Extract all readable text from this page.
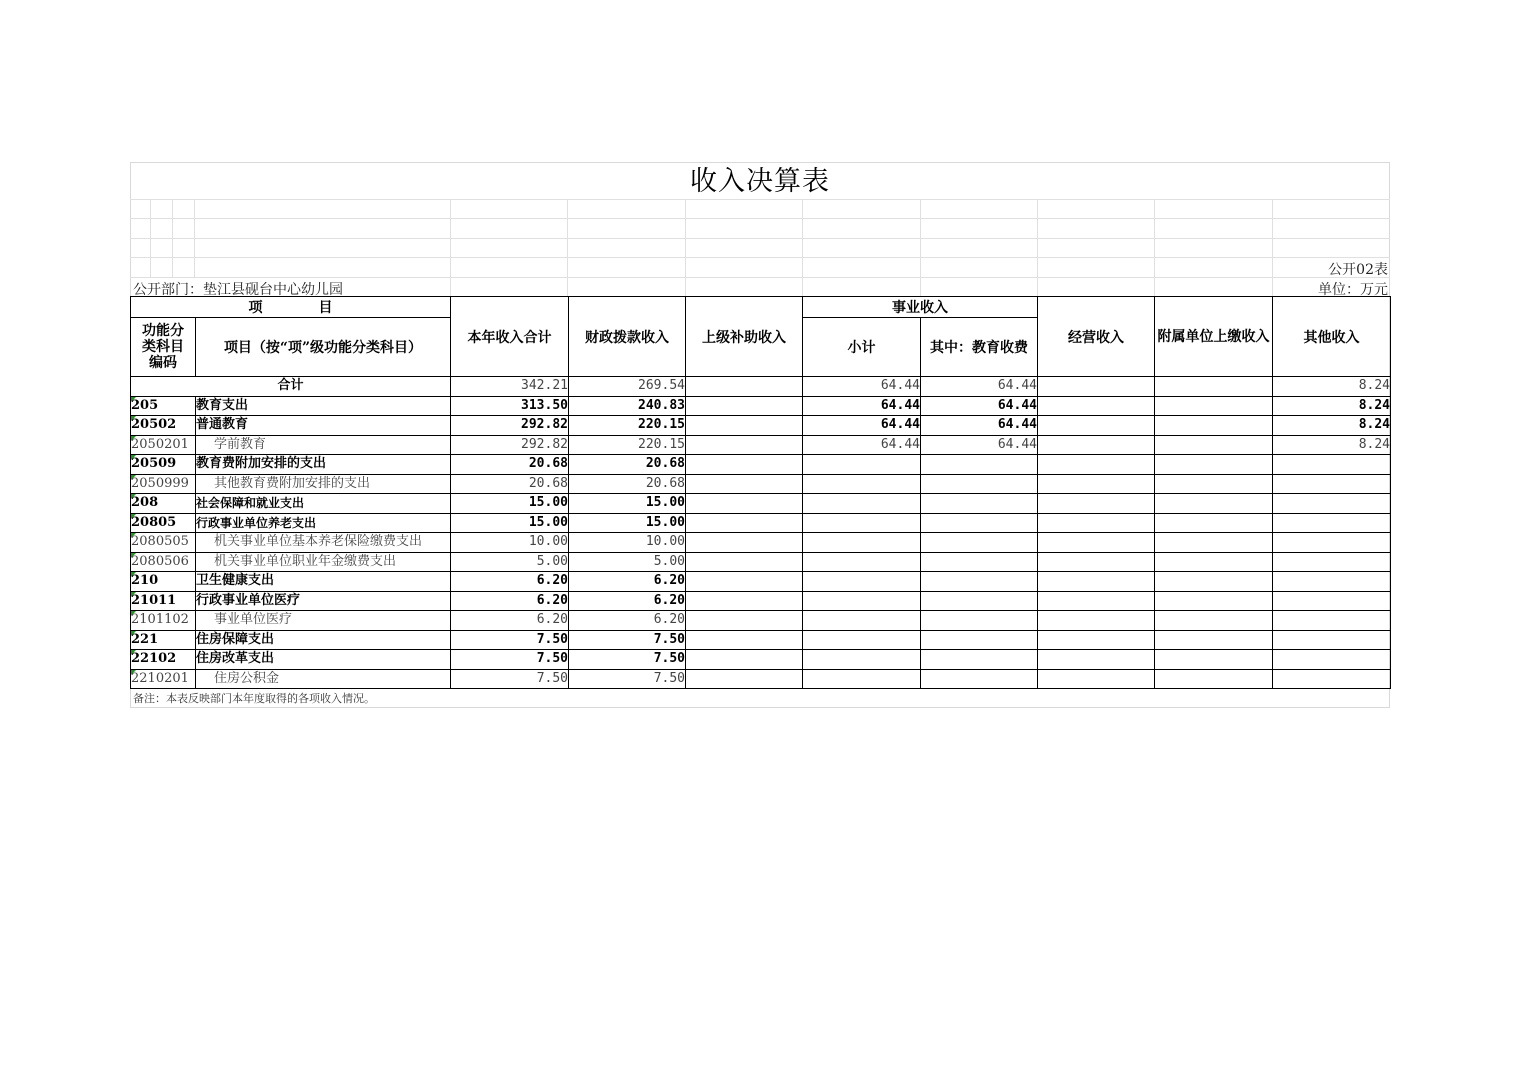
收入决算表
公开02表
公开部门：垫江县砚台中心幼儿园	单位：万元
项　　　　目		本年收入合计	财政拨款收入	上级补助收入	事业收入		经营收入	附属单位上缴收入	其他收入
功能分类科目编码	项目（按“项”级功能分类科目）				小计	其中：教育收费			
合计		342.21	269.54		64.44	64.44			8.24
205	教育支出	313.50	240.83		64.44	64.44			8.24
20502	普通教育	292.82	220.15		64.44	64.44			8.24
2050201	学前教育	292.82	220.15		64.44	64.44			8.24
20509	教育费附加安排的支出	20.68	20.68						
2050999	其他教育费附加安排的支出	20.68	20.68						
208	社会保障和就业支出	15.00	15.00						
20805	行政事业单位养老支出	15.00	15.00						
2080505	机关事业单位基本养老保险缴费支出	10.00	10.00						
2080506	机关事业单位职业年金缴费支出	5.00	5.00						
210	卫生健康支出	6.20	6.20						
21011	行政事业单位医疗	6.20	6.20						
2101102	事业单位医疗	6.20	6.20						
221	住房保障支出	7.50	7.50						
22102	住房改革支出	7.50	7.50						
2210201	住房公积金	7.50	7.50						
备注：本表反映部门本年度取得的各项收入情况。
